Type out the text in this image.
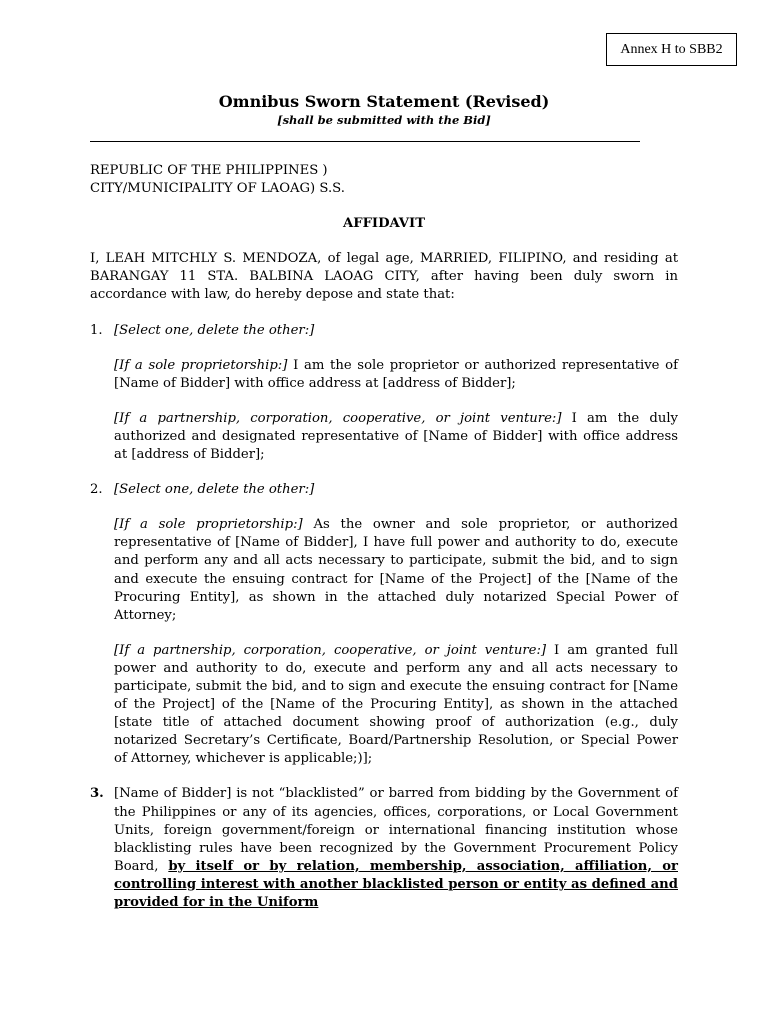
Annex H to SBB2
Omnibus Sworn Statement (Revised)
[shall be submitted with the Bid]
REPUBLIC OF THE PHILIPPINES )
CITY/MUNICIPALITY OF LAOAG) S.S.

AFFIDAVIT

I, LEAH MITCHLY S. MENDOZA, of legal age, MARRIED, FILIPINO, and residing at BARANGAY 11 STA. BALBINA LAOAG CITY, after having been duly sworn in accordance with law, do hereby depose and state that:

1. [Select one, delete the other:]

[If a sole proprietorship:] I am the sole proprietor or authorized representative of [Name of Bidder] with office address at [address of Bidder];

[If a partnership, corporation, cooperative, or joint venture:] I am the duly authorized and designated representative of [Name of Bidder] with office address at [address of Bidder];

2. [Select one, delete the other:]

[If a sole proprietorship:] As the owner and sole proprietor, or authorized representative of [Name of Bidder], I have full power and authority to do, execute and perform any and all acts necessary to participate, submit the bid, and to sign and execute the ensuing contract for [Name of the Project] of the [Name of the Procuring Entity], as shown in the attached duly notarized Special Power of Attorney;

[If a partnership, corporation, cooperative, or joint venture:] I am granted full power and authority to do, execute and perform any and all acts necessary to participate, submit the bid, and to sign and execute the ensuing contract for [Name of the Project] of the [Name of the Procuring Entity], as shown in the attached [state title of attached document showing proof of authorization (e.g., duly notarized Secretary’s Certificate, Board/Partnership Resolution, or Special Power of Attorney, whichever is applicable;)];

3. [Name of Bidder] is not “blacklisted” or barred from bidding by the Government of the Philippines or any of its agencies, offices, corporations, or Local Government Units, foreign government/foreign or international financing institution whose blacklisting rules have been recognized by the Government Procurement Policy Board, by itself or by relation, membership, association, affiliation, or controlling interest with another blacklisted person or entity as defined and provided for in the Uniform
